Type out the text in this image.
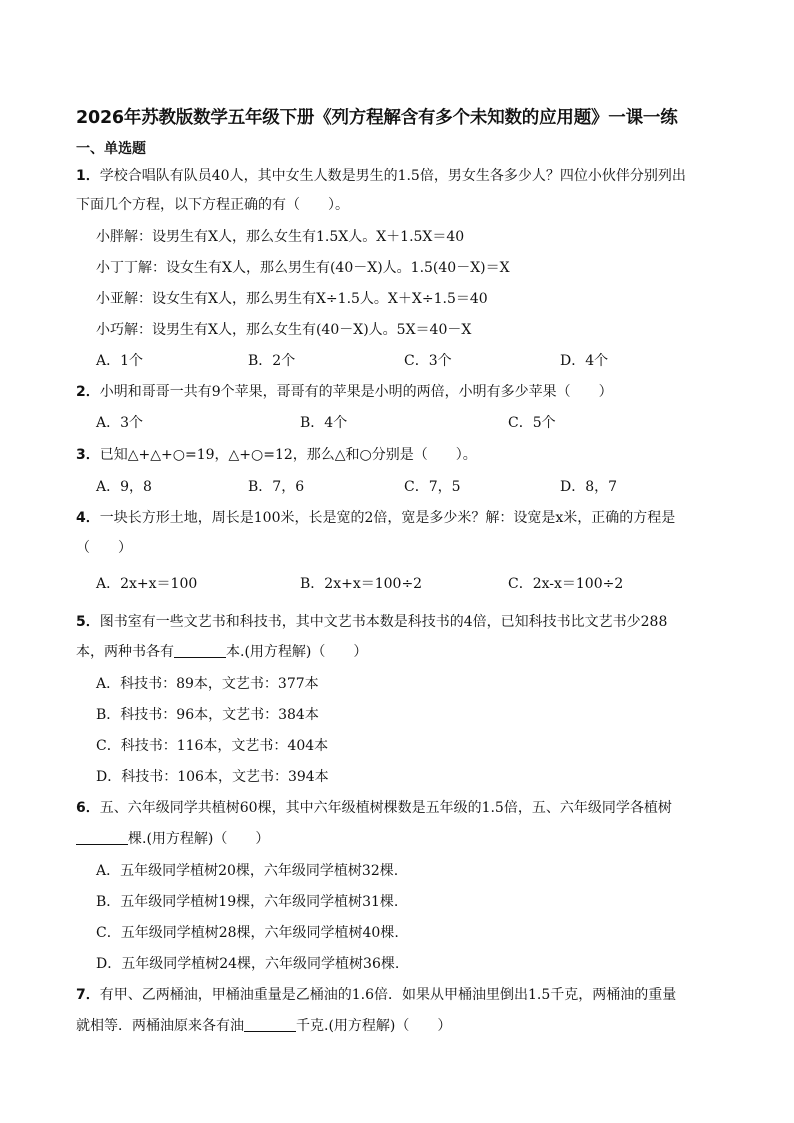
2026年苏教版数学五年级下册《列方程解含有多个未知数的应用题》一课一练
一、单选题
1．学校合唱队有队员40人，其中女生人数是男生的1.5倍，男女生各多少人？四位小伙伴分别列出
下面几个方程，以下方程正确的有（　　）。
小胖解：设男生有X人，那么女生有1.5X人。X＋1.5X＝40
小丁丁解：设女生有X人，那么男生有(40－X)人。1.5(40－X)＝X
小亚解：设女生有X人，那么男生有X÷1.5人。X＋X÷1.5＝40
小巧解：设男生有X人，那么女生有(40－X)人。5X＝40－X
A．1个	B．2个	C．3个	D．4个
2．小明和哥哥一共有9个苹果，哥哥有的苹果是小明的两倍，小明有多少苹果（　　）
A．3个	B．4个	C．5个
3．已知△+△+○=19，△+○=12，那么△和○分别是（　　）。
A．9，8	B．7，6	C．7，5	D．8，7
4．一块长方形土地，周长是100米，长是宽的2倍，宽是多少米？解：设宽是x米，正确的方程是
（　　）
A．2x+x＝100	B．2x+x＝100÷2	C．2x-x＝100÷2
5．图书室有一些文艺书和科技书，其中文艺书本数是科技书的4倍，已知科技书比文艺书少288
本，两种书各有	本.(用方程解)（　　）
A．科技书：89本，文艺书：377本
B．科技书：96本，文艺书：384本
C．科技书：116本，文艺书：404本
D．科技书：106本，文艺书：394本
6．五、六年级同学共植树60棵，其中六年级植树棵数是五年级的1.5倍，五、六年级同学各植树
棵.(用方程解)（　　）
A．五年级同学植树20棵，六年级同学植树32棵.
B．五年级同学植树19棵，六年级同学植树31棵.
C．五年级同学植树28棵，六年级同学植树40棵.
D．五年级同学植树24棵，六年级同学植树36棵.
7．有甲、乙两桶油，甲桶油重量是乙桶油的1.6倍．如果从甲桶油里倒出1.5千克，两桶油的重量
就相等．两桶油原来各有油	千克.(用方程解)（　　）
